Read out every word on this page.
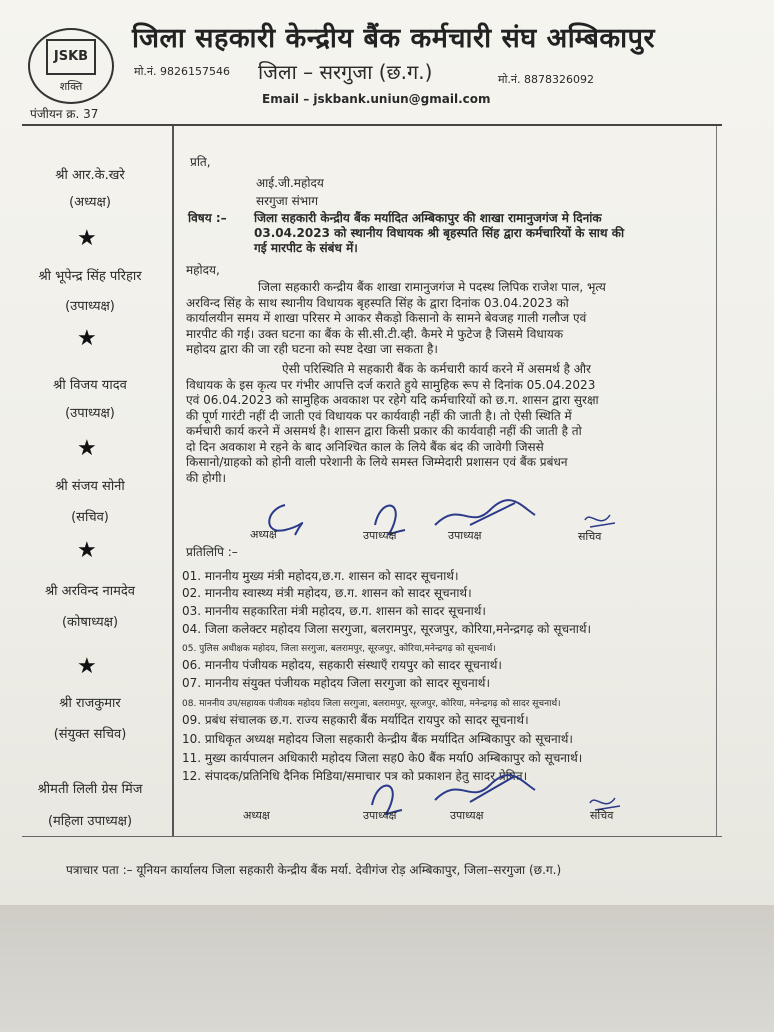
JSKB
शक्ति
पंजीयन क्र. 37
जिला सहकारी केन्द्रीय बैंक कर्मचारी संघ अम्बिकापुर
मो.नं. 9826157546 जिला – सरगुजा (छ.ग.)	मो.नं. 8878326092
Email – jskbank.uniun@gmail.com
श्री आर.के.खरे
(अध्यक्ष)
★
श्री भूपेन्द्र सिंह परिहार
(उपाध्यक्ष)
★
श्री विजय यादव
(उपाध्यक्ष)
★
श्री संजय सोनी
(सचिव)
★
श्री अरविन्द नामदेव
(कोषाध्यक्ष)
★
श्री राजकुमार
(संयुक्त सचिव)
श्रीमती लिली ग्रेस मिंज
(महिला उपाध्यक्ष)
प्रति,
आई.जी.महोदय
सरगुजा संभाग
विषय :– जिला सहकारी केन्द्रीय बैंक मर्यादित अम्बिकापुर की शाखा रामानुजगंज मे दिनांक
03.04.2023 को स्थानीय विधायक श्री बृहस्पति सिंह द्वारा कर्मचारियों के साथ की
गई मारपीट के संबंध में।
महोदय,
जिला सहकारी कन्द्रीय बैंक शाखा रामानुजगंज मे पदस्थ लिपिक राजेश पाल, भृत्य
अरविन्द सिंह के साथ स्थानीय विधायक बृहस्पति सिंह के द्वारा दिनांक 03.04.2023 को
कार्यालयीन समय में शाखा परिसर मे आकर सैकड़ो किसानो के सामने बेवजह गाली गलौज एवं
मारपीट की गई। उक्त घटना का बैंक के सी.सी.टी.व्ही. कैमरे मे फुटेज है जिसमे विधायक
महोदय द्वारा की जा रही घटना को स्पष्ट देखा जा सकता है।
ऐसी परिस्थिति मे सहकारी बैंक के कर्मचारी कार्य करने में असमर्थ है और
विधायक के इस कृत्य पर गंभीर आपत्ति दर्ज कराते हुये सामुहिक रूप से दिनांक 05.04.2023
एवं 06.04.2023 को सामुहिक अवकाश पर रहेगे यदि कर्मचारियों को छ.ग. शासन द्वारा सुरक्षा
की पूर्ण गारंटी नहीं दी जाती एवं विधायक पर कार्यवाही नहीं की जाती है। तो ऐसी स्थिति में
कर्मचारी कार्य करने में असमर्थ है। शासन द्वारा किसी प्रकार की कार्यवाही नहीं की जाती है तो
दो दिन अवकाश मे रहने के बाद अनिश्चित काल के लिये बैंक बंद की जावेगी जिससे
किसानो/ग्राहको को होनी वाली परेशानी के लिये समस्त जिम्मेदारी प्रशासन एवं बैंक प्रबंधन
की होगी।
अध्यक्ष	उपाध्यक्ष	उपाध्यक्ष	सचिव
प्रतिलिपि :–
01. माननीय मुख्य मंत्री महोदय,छ.ग. शासन को सादर सूचनार्थ।
02. माननीय स्वास्थ्य मंत्री महोदय, छ.ग. शासन को सादर सूचनार्थ।
03. माननीय सहकारिता मंत्री महोदय, छ.ग. शासन को सादर सूचनार्थ।
04. जिला कलेक्टर महोदय जिला सरगुजा, बलरामपुर, सूरजपुर, कोरिया,मनेन्द्रगढ़ को सूचनार्थ।
05. पुलिस अधीक्षक महोदय, जिला सरगुजा, बलरामपुर, सूरजपुर, कोरिया,मनेन्द्रगढ़ को सूचनार्थ।
06. माननीय पंजीयक महोदय, सहकारी संस्थाएँ रायपुर को सादर सूचनार्थ।
07. माननीय संयुक्त पंजीयक महोदय जिला सरगुजा को सादर सूचनार्थ।
08. माननीय उप/सहायक पंजीयक महोदय जिला सरगुजा, बलरामपुर, सूरजपुर, कोरिया, मनेन्द्रगढ़ को सादर सूचनार्थ।
09. प्रबंध संचालक छ.ग. राज्य सहकारी बैंक मर्यादित रायपुर को सादर सूचनार्थ।
10. प्राधिकृत अध्यक्ष महोदय जिला सहकारी केन्द्रीय बैंक मर्यादित अम्बिकापुर को सूचनार्थ।
11. मुख्य कार्यपालन अधिकारी महोदय जिला सह0 के0 बैंक मर्या0 अम्बिकापुर को सूचनार्थ।
12. संपादक/प्रतिनिधि दैनिक मिडिया/समाचार पत्र को प्रकाशन हेतु सादर प्रेषित।
अध्यक्ष	उपाध्यक्ष	उपाध्यक्ष	सचिव
पत्राचार पता :– यूनियन कार्यालय जिला सहकारी केन्द्रीय बैंक मर्या. देवीगंज रोड़ अम्बिकापुर, जिला–सरगुजा (छ.ग.)
